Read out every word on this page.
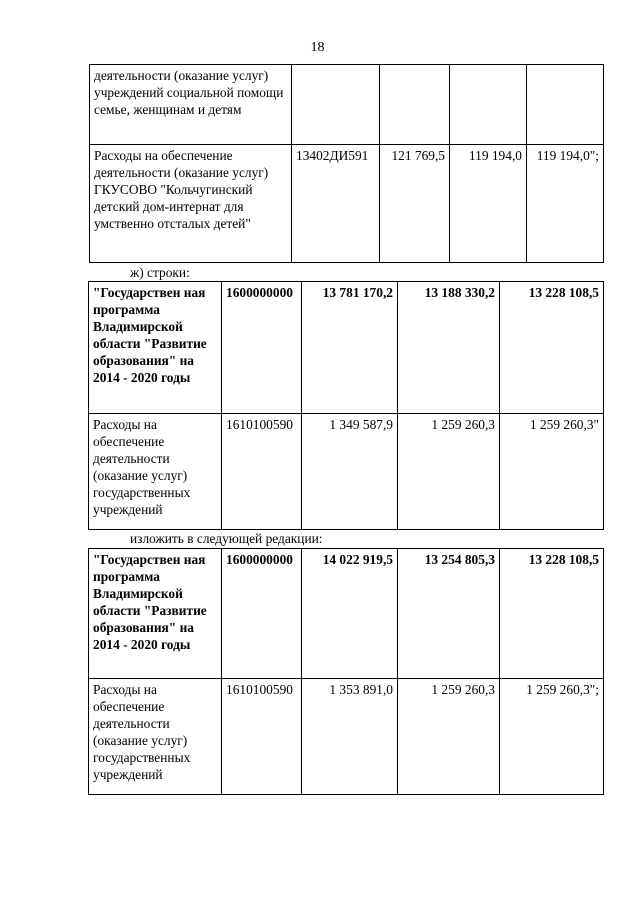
18
деятельности (оказание услуг) учреждений социальной помощи семье, женщинам и детям				
Расходы на обеспечение деятельности (оказание услуг) ГКУСОВО "Кольчугинский детский дом-интернат для умственно отсталых детей"	13402ДИ591	121 769,5	119 194,0	119 194,0";
ж) строки:
"Государствен ная программа Владимирской области "Развитие образования" на 2014 - 2020 годы	1600000000	13 781 170,2	13 188 330,2	13 228 108,5
Расходы на обеспечение деятельности (оказание услуг) государственных учреждений	1610100590	1 349 587,9	1 259 260,3	1 259 260,3"
изложить в следующей редакции:
"Государствен ная программа Владимирской области "Развитие образования" на 2014 - 2020 годы	1600000000	14 022 919,5	13 254 805,3	13 228 108,5
Расходы на обеспечение деятельности (оказание услуг) государственных учреждений	1610100590	1 353 891,0	1 259 260,3	1 259 260,3";
